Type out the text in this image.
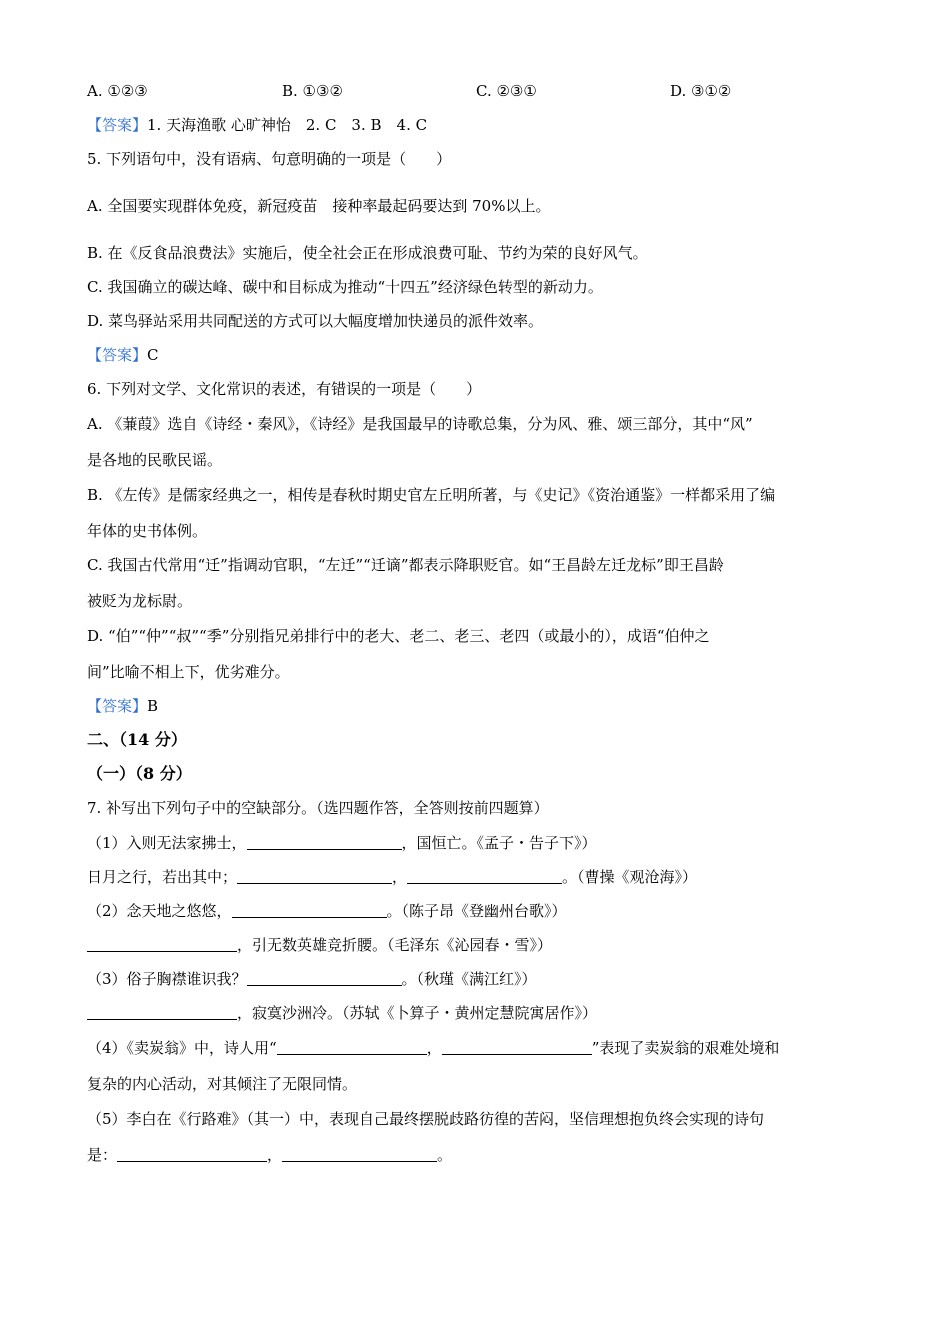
A. ①②③	B. ①③②	C. ②③①	D. ③①②
【答案】1. 天海渔歌 心旷神怡　2. C　3. B　4. C
5. 下列语句中，没有语病、句意明确的一项是（　　）
A. 全国要实现群体免疫，新冠疫苗　接种率最起码要达到 70%以上。
B. 在《反食品浪费法》实施后，使全社会正在形成浪费可耻、节约为荣的良好风气。
C. 我国确立的碳达峰、碳中和目标成为推动“十四五”经济绿色转型的新动力。
D. 菜鸟驿站采用共同配送的方式可以大幅度增加快递员的派件效率。
【答案】C
6. 下列对文学、文化常识的表述，有错误的一项是（　　）
A. 《蒹葭》选自《诗经・秦风》，《诗经》是我国最早的诗歌总集，分为风、雅、颂三部分，其中“风”
是各地的民歌民谣。
B. 《左传》是儒家经典之一，相传是春秋时期史官左丘明所著，与《史记》《资治通鉴》一样都采用了编
年体的史书体例。
C. 我国古代常用“迁”指调动官职，“左迁”“迁谪”都表示降职贬官。如“王昌龄左迁龙标”即王昌龄
被贬为龙标尉。
D. “伯”“仲”“叔”“季”分别指兄弟排行中的老大、老二、老三、老四（或最小的），成语“伯仲之
间”比喻不相上下，优劣难分。
【答案】B
二、（14 分）
（一）（8 分）
7. 补写出下列句子中的空缺部分。（选四题作答，全答则按前四题算）
（1）入则无法家拂士，	，国恒亡。《孟子・告子下》）
日月之行，若出其中；	，	。（曹操《观沧海》）
（2）念天地之悠悠，	。（陈子昂《登幽州台歌》）
，引无数英雄竞折腰。（毛泽东《沁园春・雪》）
（3）俗子胸襟谁识我？	。（秋瑾《满江红》）
，寂寞沙洲冷。（苏轼《卜算子・黄州定慧院寓居作》）
（4）《卖炭翁》中，诗人用“	，	”表现了卖炭翁的艰难处境和
复杂的内心活动，对其倾注了无限同情。
（5）李白在《行路难》（其一）中，表现自己最终摆脱歧路彷徨的苦闷，坚信理想抱负终会实现的诗句
是：	，	。
